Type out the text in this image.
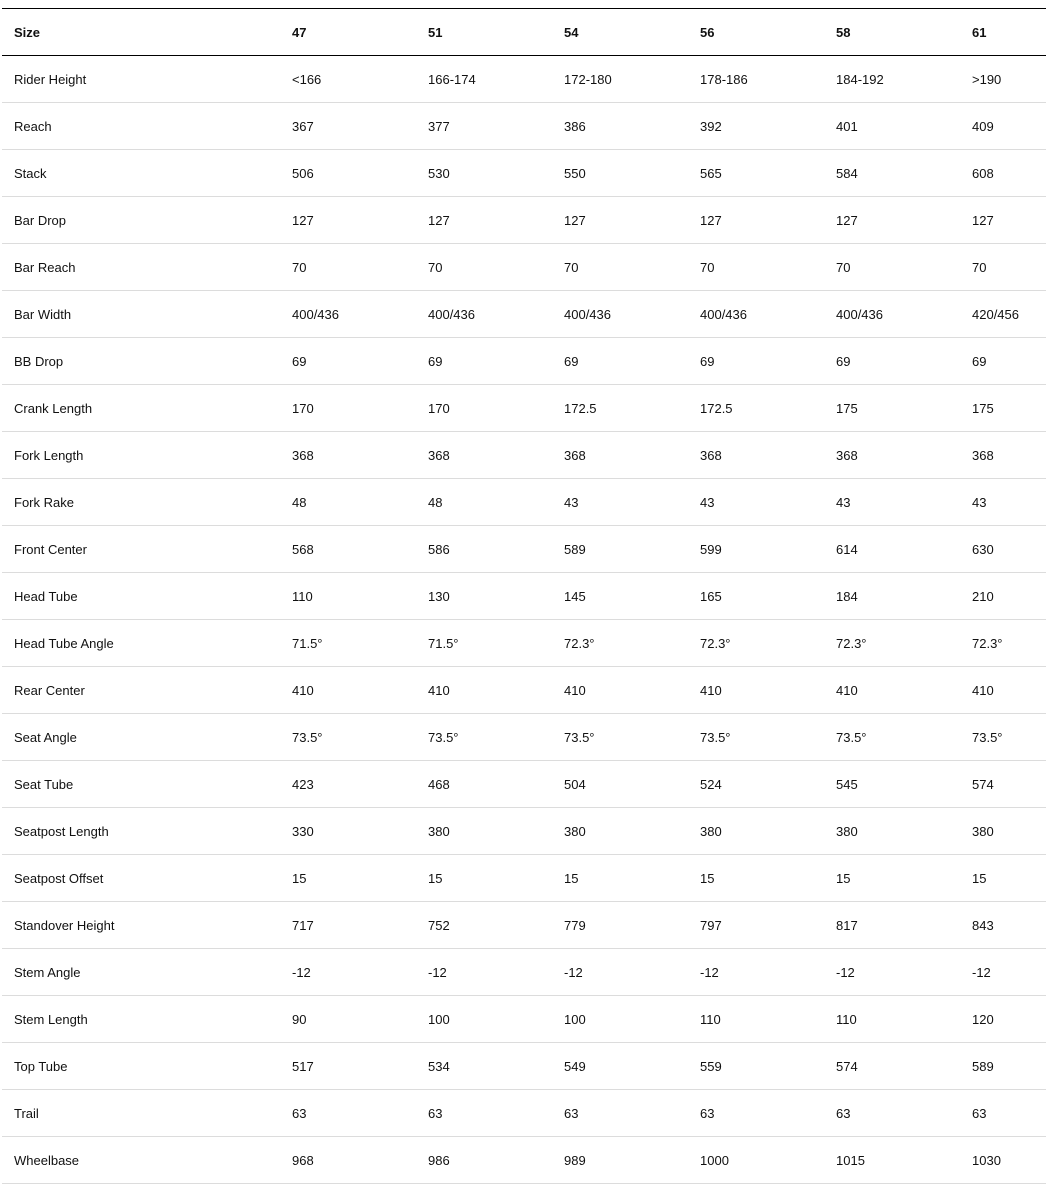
Size	47	51	54	56	58	61
Rider Height	<166	166-174	172-180	178-186	184-192	>190
Reach	367	377	386	392	401	409
Stack	506	530	550	565	584	608
Bar Drop	127	127	127	127	127	127
Bar Reach	70	70	70	70	70	70
Bar Width	400/436	400/436	400/436	400/436	400/436	420/456
BB Drop	69	69	69	69	69	69
Crank Length	170	170	172.5	172.5	175	175
Fork Length	368	368	368	368	368	368
Fork Rake	48	48	43	43	43	43
Front Center	568	586	589	599	614	630
Head Tube	110	130	145	165	184	210
Head Tube Angle	71.5°	71.5°	72.3°	72.3°	72.3°	72.3°
Rear Center	410	410	410	410	410	410
Seat Angle	73.5°	73.5°	73.5°	73.5°	73.5°	73.5°
Seat Tube	423	468	504	524	545	574
Seatpost Length	330	380	380	380	380	380
Seatpost Offset	15	15	15	15	15	15
Standover Height	717	752	779	797	817	843
Stem Angle	-12	-12	-12	-12	-12	-12
Stem Length	90	100	100	110	110	120
Top Tube	517	534	549	559	574	589
Trail	63	63	63	63	63	63
Wheelbase	968	986	989	1000	1015	1030
